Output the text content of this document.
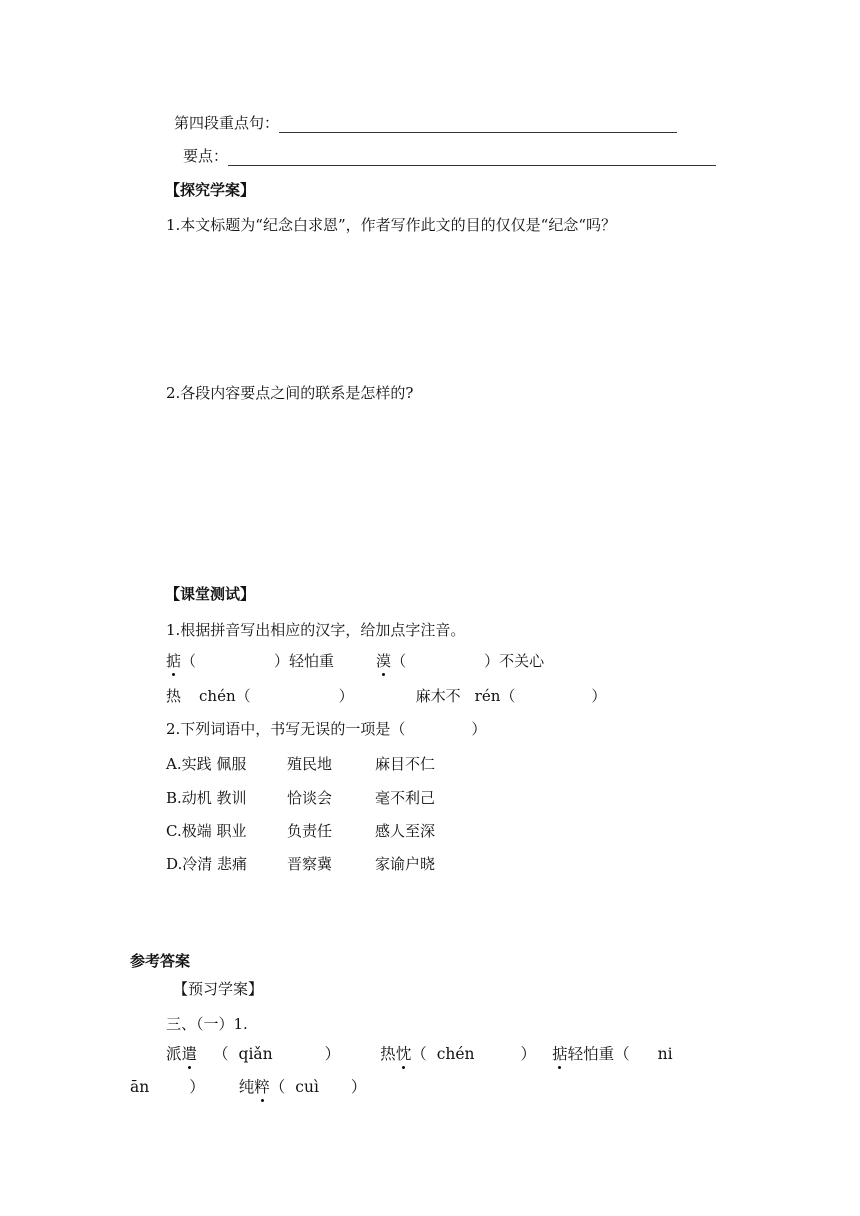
第四段重点句：
要点：
【探究学案】
1.本文标题为“纪念白求恩”，作者写作此文的目的仅仅是“纪念“吗？
2.各段内容要点之间的联系是怎样的?
【课堂测试】
1.根据拼音写出相应的汉字，给加点字注音。
掂（	）轻怕重	漠（	）不关心
热 chén（	）	麻木不 rén（	）
2.下列词语中，书写无误的一项是（	）
A.实践 佩服	殖民地	麻目不仁
B.动机 教训	恰谈会	毫不利己
C.极端 职业	负责任	感人至深
D.冷清 悲痛	晋察冀	家谕户晓
参考答案
【预习学案】
三、（一）1.
派遣 （ qiǎn	）	热忱（ chén	） 掂轻怕重（ ni
ān	） 纯粹（ cuì ）
